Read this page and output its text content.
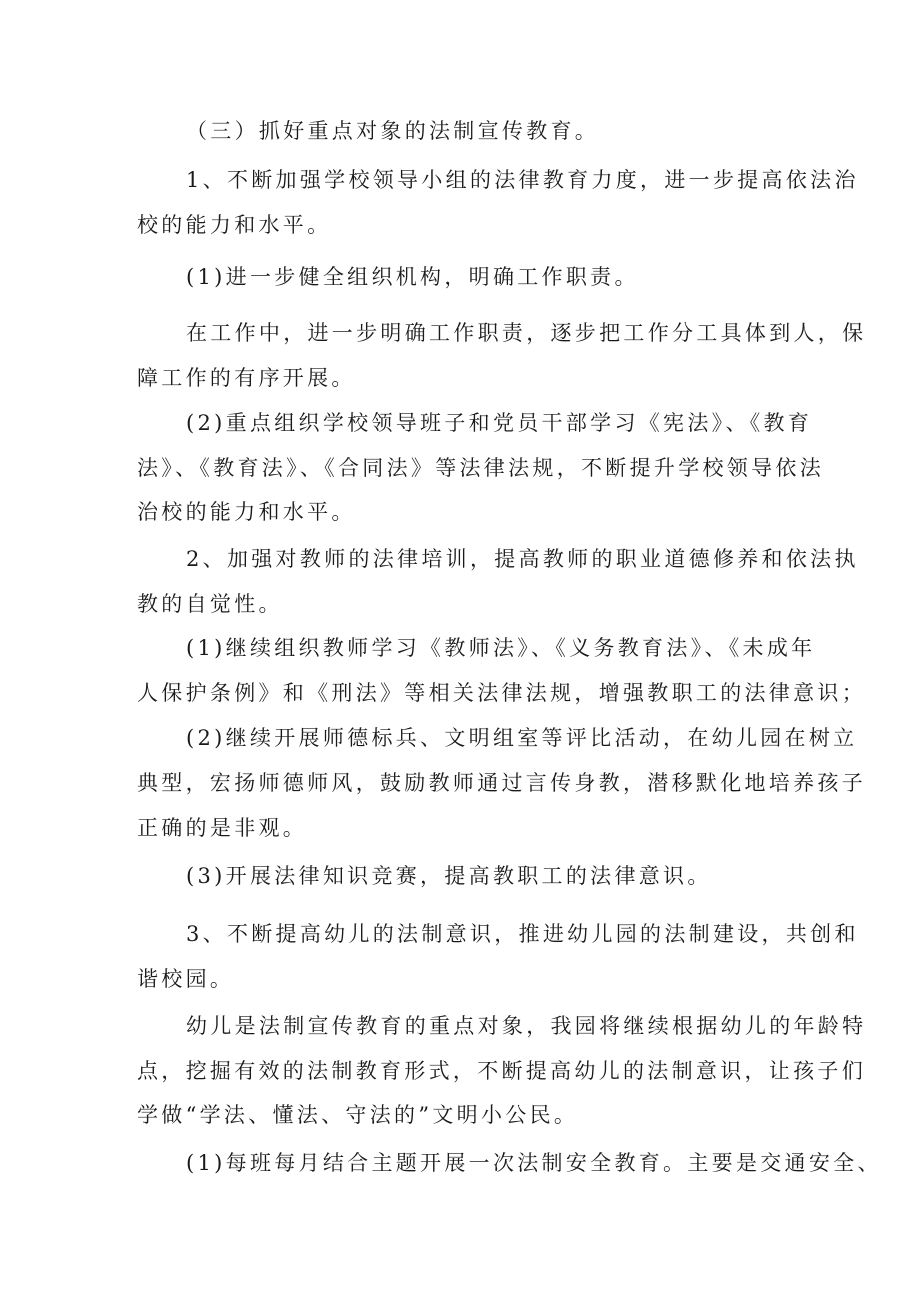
（三）抓好重点对象的法制宣传教育。

1、不断加强学校领导小组的法律教育力度，进一步提高依法治

校的能力和水平。

(1)进一步健全组织机构，明确工作职责。

在工作中，进一步明确工作职责，逐步把工作分工具体到人，保

障工作的有序开展。

(2)重点组织学校领导班子和党员干部学习《宪法》、《教育

法》、《教育法》、《合同法》等法律法规，不断提升学校领导依法

治校的能力和水平。

2、加强对教师的法律培训，提高教师的职业道德修养和依法执

教的自觉性。

(1)继续组织教师学习《教师法》、《义务教育法》、《未成年

人保护条例》和《刑法》等相关法律法规，增强教职工的法律意识；

(2)继续开展师德标兵、文明组室等评比活动，在幼儿园在树立

典型，宏扬师德师风，鼓励教师通过言传身教，潜移默化地培养孩子

正确的是非观。

(3)开展法律知识竞赛，提高教职工的法律意识。

3、不断提高幼儿的法制意识，推进幼儿园的法制建设，共创和

谐校园。

幼儿是法制宣传教育的重点对象，我园将继续根据幼儿的年龄特

点，挖掘有效的法制教育形式，不断提高幼儿的法制意识，让孩子们

学做“学法、懂法、守法的”文明小公民。

(1)每班每月结合主题开展一次法制安全教育。主要是交通安全、
